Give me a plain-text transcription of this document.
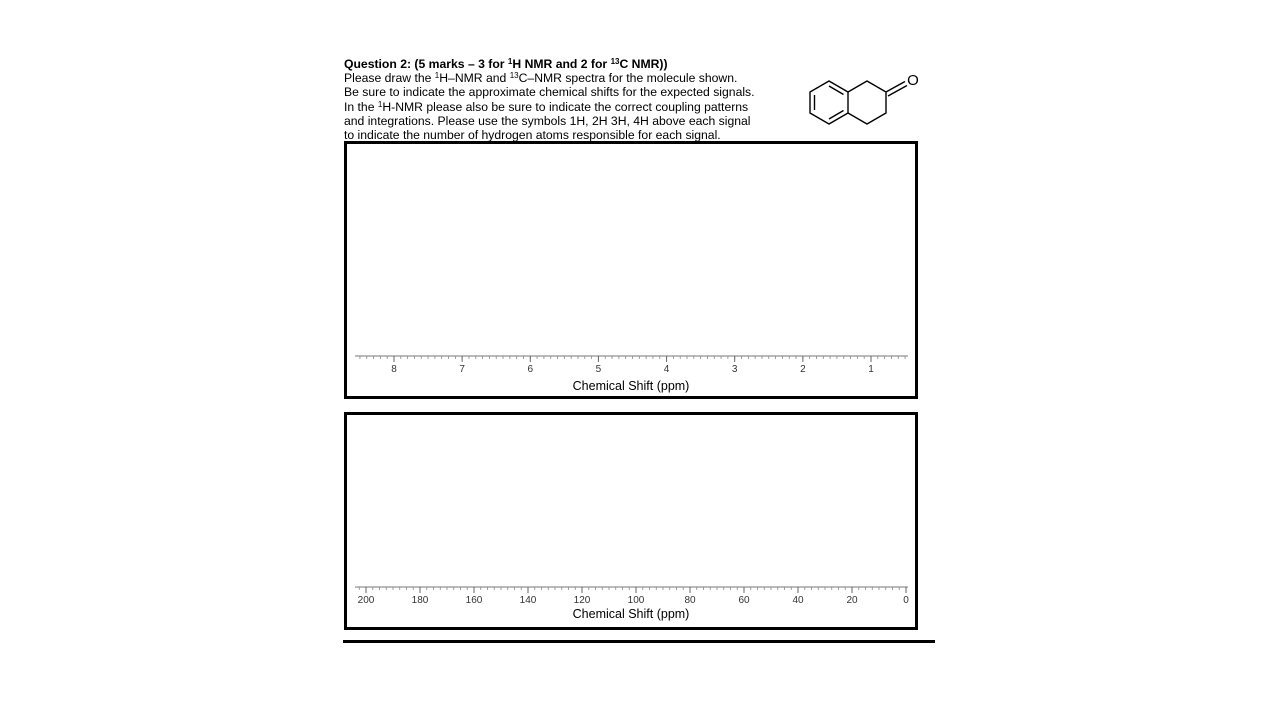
Question 2: (5 marks – 3 for $^1$H NMR and 2 for $^{13}$C NMR))
Please draw the $^1$H–NMR and $^{13}$C–NMR spectra for the molecule shown.
Be sure to indicate the approximate chemical shifts for the expected signals.
In the $^1$H-NMR please also be sure to indicate the correct coupling patterns
and integrations. Please use the symbols 1H, 2H 3H, 4H above each signal
to indicate the number of hydrogen atoms responsible for each signal.
O
8	7	6	5	4	3	2	1
Chemical Shift (ppm)
200	180	160	140	120	100	80	60	40	20	0
Chemical Shift (ppm)
